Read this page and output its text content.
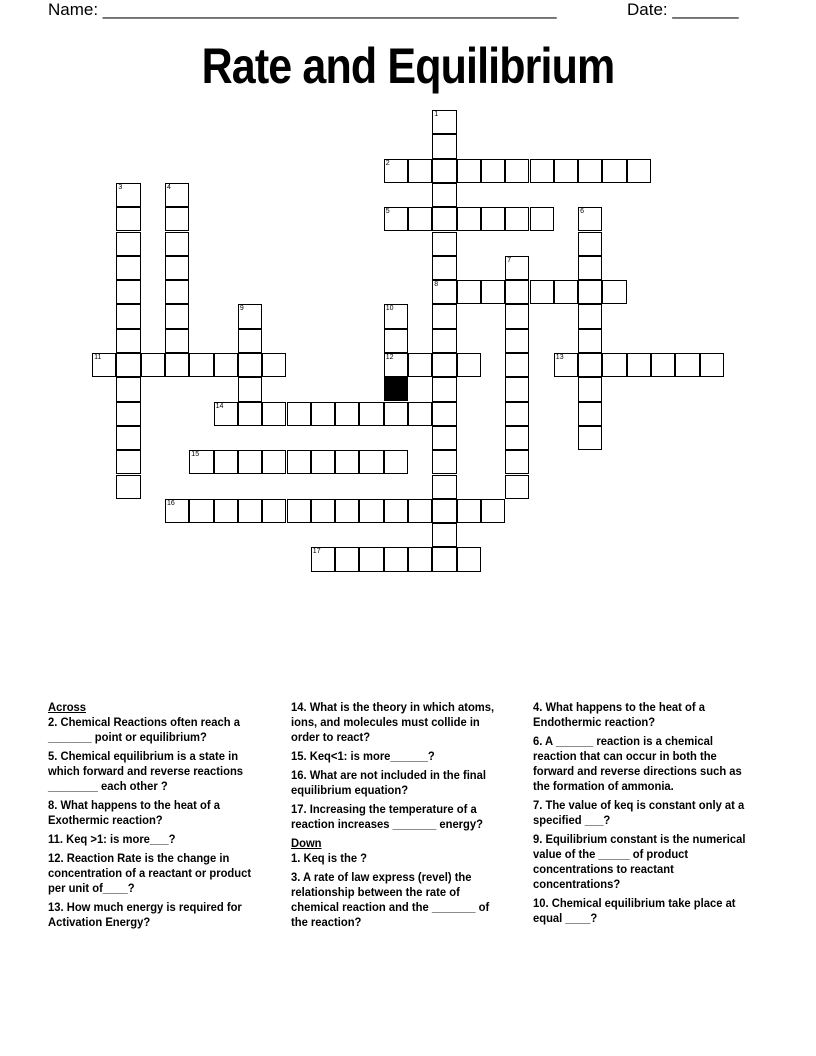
Name: ________________________________________________	Date: _______
Rate and Equilibrium
1
8
2
3	4
5	6
7
9	10
12
11	13
14
15
16
17
Across
2. Chemical Reactions often reach a _______ point or equilibrium?
5. Chemical equilibrium is a state in which forward and reverse reactions ________ each other ?
8. What happens to the heat of a Exothermic reaction?
11. Keq >1: is more___?
12. Reaction Rate is the change in concentration of a reactant or product per unit of____?
13. How much energy is required for Activation Energy?
14. What is the theory in which atoms, ions, and molecules must collide in order to react?
15. Keq<1: is more______?
16. What are not included in the final equilibrium equation?
17. Increasing the temperature of a reaction increases _______ energy?
Down
1. Keq is the ?
3. A rate of law express (revel) the relationship between the rate of chemical reaction and the _______ of the reaction?
4. What happens to the heat of a Endothermic reaction?
6. A ______ reaction is a chemical reaction that can occur in both the forward and reverse directions such as the formation of ammonia.
7. The value of keq is constant only at a specified ___?
9. Equilibrium constant is the numerical value of the _____ of product concentrations to reactant concentrations?
10. Chemical equilibrium take place at equal ____?
